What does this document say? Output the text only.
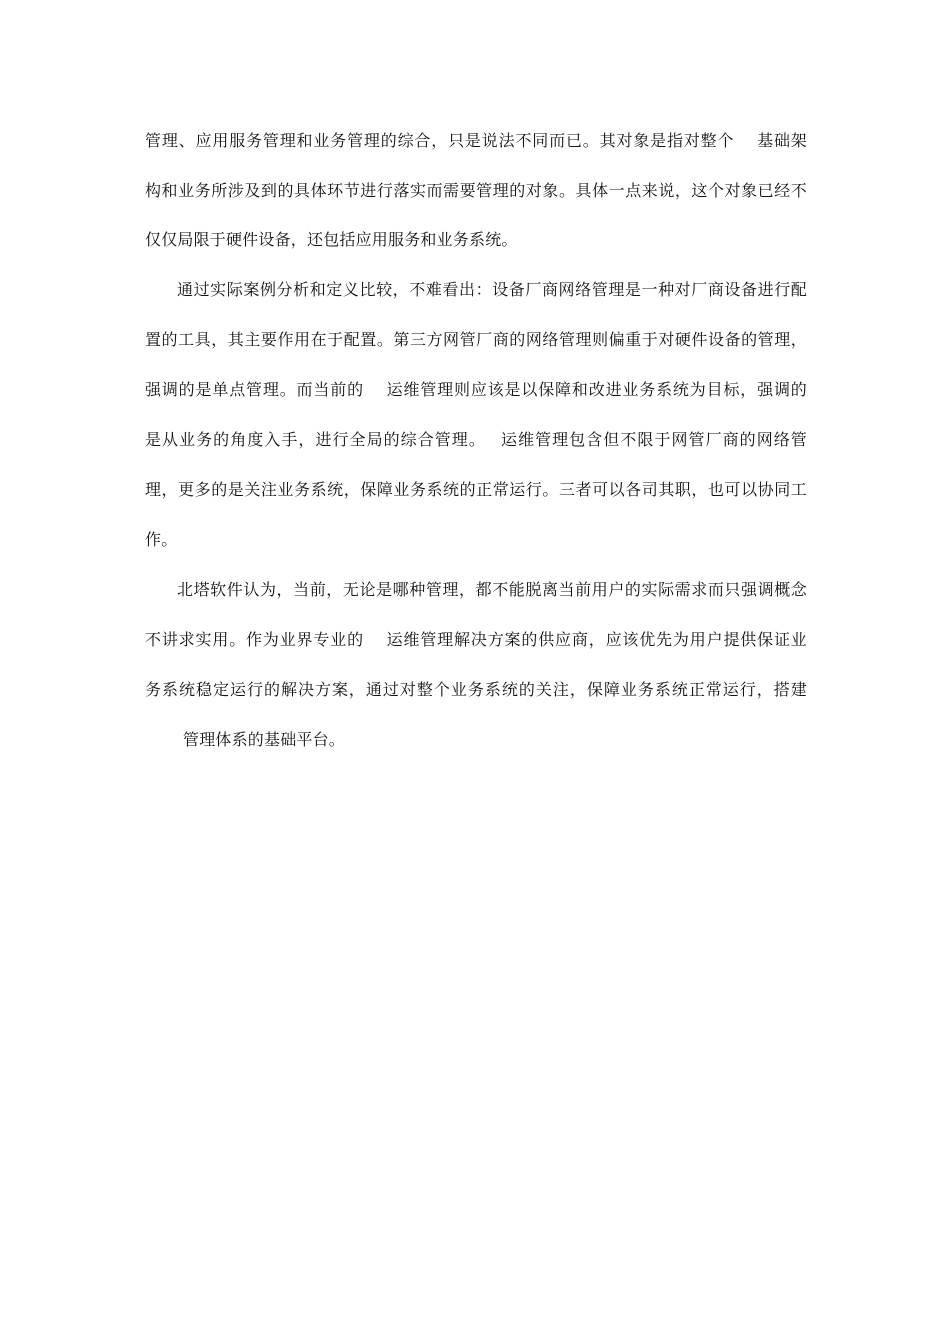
管理、应用服务管理和业务管理的综合，只是说法不同而已。其对象是指对整个　 基础架
构和业务所涉及到的具体环节进行落实而需要管理的对象。具体一点来说，这个对象已经不
仅仅局限于硬件设备，还包括应用服务和业务系统。
通过实际案例分析和定义比较，不难看出：设备厂商网络管理是一种对厂商设备进行配
置的工具，其主要作用在于配置。第三方网管厂商的网络管理则偏重于对硬件设备的管理，
强调的是单点管理。而当前的　 运维管理则应该是以保障和改进业务系统为目标，强调的
是从业务的角度入手，进行全局的综合管理。　 运维管理包含但不限于网管厂商的网络管
理，更多的是关注业务系统，保障业务系统的正常运行。三者可以各司其职，也可以协同工
作。
北塔软件认为，当前，无论是哪种管理，都不能脱离当前用户的实际需求而只强调概念
不讲求实用。作为业界专业的　 运维管理解决方案的供应商，应该优先为用户提供保证业
务系统稳定运行的解决方案，通过对整个业务系统的关注，保障业务系统正常运行，搭建
管理体系的基础平台。
